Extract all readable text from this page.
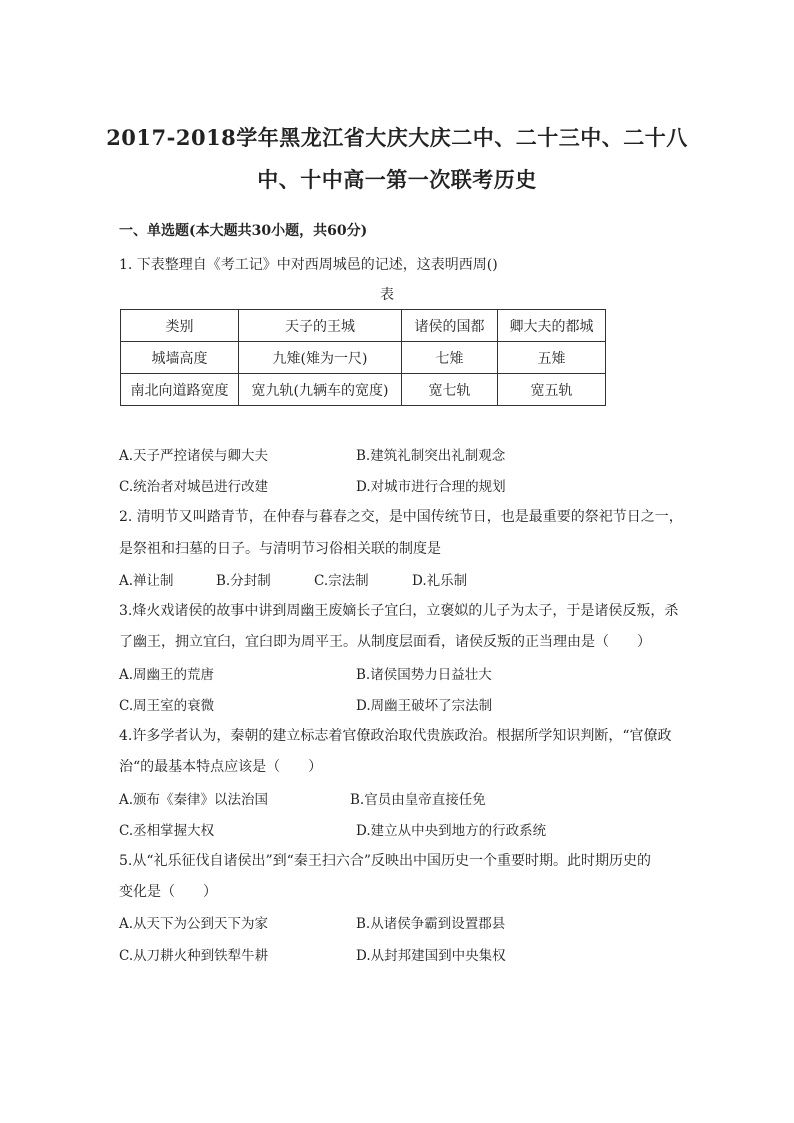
2017-2018学年黑龙江省大庆大庆二中、二十三中、二十八
中、十中高一第一次联考历史
一、单选题(本大题共30小题，共60分)
1. 下表整理自《考工记》中对西周城邑的记述，这表明西周()
表
类别	天子的王城	诸侯的国都	卿大夫的都城
城墙高度	九雉(雉为一尺)	七雉	五雉
南北向道路宽度	宽九轨(九辆车的宽度)	宽七轨	宽五轨
A.天子严控诸侯与卿大夫	B.建筑礼制突出礼制观念
C.统治者对城邑进行改建	D.对城市进行合理的规划
2. 清明节又叫踏青节，在仲春与暮春之交，是中国传统节日，也是最重要的祭祀节日之一，
是祭祖和扫墓的日子。与清明节习俗相关联的制度是
A.禅让制	B.分封制	C.宗法制	D.礼乐制
3.烽火戏诸侯的故事中讲到周幽王废嫡长子宜臼，立褒姒的儿子为太子，于是诸侯反叛，杀
了幽王，拥立宜臼，宜臼即为周平王。从制度层面看，诸侯反叛的正当理由是（　　）
A.周幽王的荒唐	B.诸侯国势力日益壮大
C.周王室的衰微	D.周幽王破坏了宗法制
4.许多学者认为，秦朝的建立标志着官僚政治取代贵族政治。根据所学知识判断，“官僚政
治“的最基本特点应该是（　　）
A.颁布《秦律》以法治国	B.官员由皇帝直接任免
C.丞相掌握大权	D.建立从中央到地方的行政系统
5.从“礼乐征伐自诸侯出”到“秦王扫六合”反映出中国历史一个重要时期。此时期历史的
变化是（　　）
A.从天下为公到天下为家	B.从诸侯争霸到设置郡县
C.从刀耕火种到铁犁牛耕	D.从封邦建国到中央集权
